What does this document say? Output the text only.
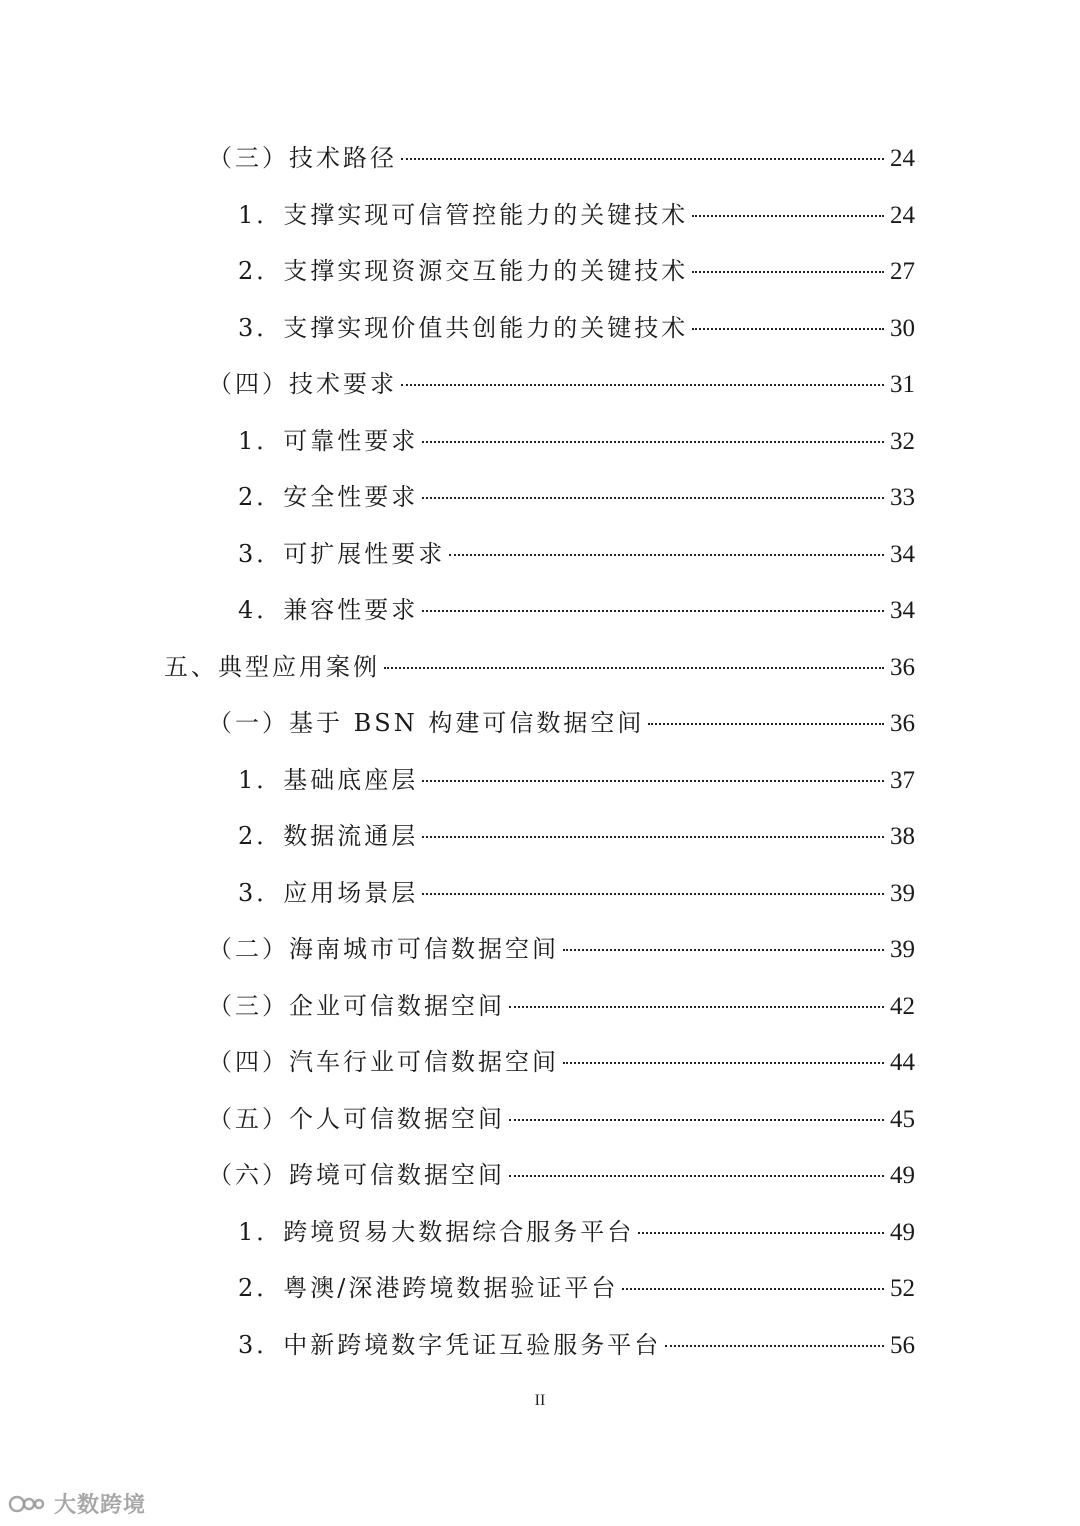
（三）技术路径	24
1．支撑实现可信管控能力的关键技术	24
2．支撑实现资源交互能力的关键技术	27
3．支撑实现价值共创能力的关键技术	30
（四）技术要求	31
1．可靠性要求	32
2．安全性要求	33
3．可扩展性要求	34
4．兼容性要求	34
五、典型应用案例	36
（一）基于 BSN 构建可信数据空间	36
1．基础底座层	37
2．数据流通层	38
3．应用场景层	39
（二）海南城市可信数据空间	39
（三）企业可信数据空间	42
（四）汽车行业可信数据空间	44
（五）个人可信数据空间	45
（六）跨境可信数据空间	49
1．跨境贸易大数据综合服务平台	49
2．粤澳/深港跨境数据验证平台	52
3．中新跨境数字凭证互验服务平台	56
II
大数跨境
